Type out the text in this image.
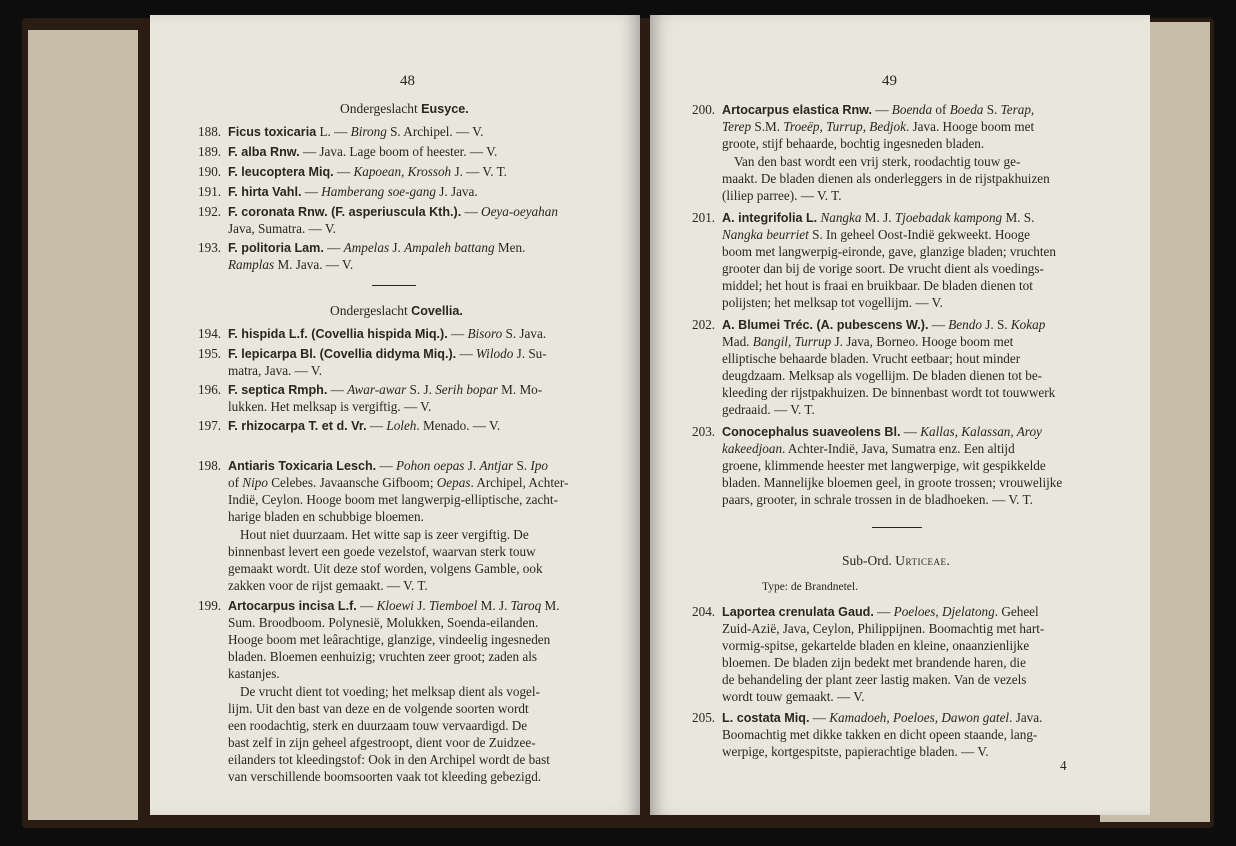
48
Ondergeslacht Eusyce.
188. Ficus toxicaria L. — Birong S. Archipel. — V.
189. F. alba Rnw. — Java. Lage boom of heester. — V.
190. F. leucoptera Miq. — Kapoean, Krossoh J. — V. T.
191. F. hirta Vahl. — Hamberang soe-gang J. Java.
192. F. coronata Rnw. (F. asperiuscula Kth.). — Oeya-oeyahan
Java, Sumatra. — V.
193. F. politoria Lam. — Ampelas J. Ampaleh battang Men.
Ramplas M. Java. — V.
Ondergeslacht Covellia.
194. F. hispida L.f. (Covellia hispida Miq.). — Bisoro S. Java.
195. F. lepicarpa Bl. (Covellia didyma Miq.). — Wilodo J. Su-
matra, Java. — V.
196. F. septica Rmph. — Awar-awar S. J. Serih bopar M. Mo-
lukken. Het melksap is vergiftig. — V.
197. F. rhizocarpa T. et d. Vr. — Loleh. Menado. — V.
198. Antiaris Toxicaria Lesch. — Pohon oepas J. Antjar S. Ipo
of Nipo Celebes. Javaansche Gifboom; Oepas. Archipel, Achter-
Indië, Ceylon. Hooge boom met langwerpig-elliptische, zacht-
harige bladen en schubbige bloemen.
Hout niet duurzaam. Het witte sap is zeer vergiftig. De
binnenbast levert een goede vezelstof, waarvan sterk touw
gemaakt wordt. Uit deze stof worden, volgens Gamble, ook
zakken voor de rijst gemaakt. — V. T.
199. Artocarpus incisa L.f. — Kloewi J. Tiemboel M. J. Taroq M.
Sum. Broodboom. Polynesië, Molukken, Soenda-eilanden.
Hooge boom met leârachtige, glanzige, vindeelig ingesneden
bladen. Bloemen eenhuizig; vruchten zeer groot; zaden als
kastanjes.
De vrucht dient tot voeding; het melksap dient als vogel-
lijm. Uit den bast van deze en de volgende soorten wordt
een roodachtig, sterk en duurzaam touw vervaardigd. De
bast zelf in zijn geheel afgestroopt, dient voor de Zuidzee-
eilanders tot kleedingstof: Ook in den Archipel wordt de bast
van verschillende boomsoorten vaak tot kleeding gebezigd.
49
200. Artocarpus elastica Rnw. — Boenda of Boeda S. Terap,
Terep S.M. Troeëp, Turrup, Bedjok. Java. Hooge boom met
groote, stijf behaarde, bochtig ingesneden bladen.
Van den bast wordt een vrij sterk, roodachtig touw ge-
maakt. De bladen dienen als onderleggers in de rijstpakhuizen
(liliep parree). — V. T.
201. A. integrifolia L. Nangka M. J. Tjoebadak kampong M. S.
Nangka beurriet S. In geheel Oost-Indië gekweekt. Hooge
boom met langwerpig-eironde, gave, glanzige bladen; vruchten
grooter dan bij de vorige soort. De vrucht dient als voedings-
middel; het hout is fraai en bruikbaar. De bladen dienen tot
polijsten; het melksap tot vogellijm. — V.
202. A. Blumei Tréc. (A. pubescens W.). — Bendo J. S. Kokap
Mad. Bangil, Turrup J. Java, Borneo. Hooge boom met
elliptische behaarde bladen. Vrucht eetbaar; hout minder
deugdzaam. Melksap als vogellijm. De bladen dienen tot be-
kleeding der rijstpakhuizen. De binnenbast wordt tot touwwerk
gedraaid. — V. T.
203. Conocephalus suaveolens Bl. — Kallas, Kalassan, Aroy
kakeedjoan. Achter-Indië, Java, Sumatra enz. Een altijd
groene, klimmende heester met langwerpige, wit gespikkelde
bladen. Mannelijke bloemen geel, in groote trossen; vrouwelijke
paars, grooter, in schrale trossen in de bladhoeken. — V. T.
Sub-Ord. Urticeae.
Type: de Brandnetel.
204. Laportea crenulata Gaud. — Poeloes, Djelatong. Geheel
Zuid-Azië, Java, Ceylon, Philippijnen. Boomachtig met hart-
vormig-spitse, gekartelde bladen en kleine, onaanzienlijke
bloemen. De bladen zijn bedekt met brandende haren, die
de behandeling der plant zeer lastig maken. Van de vezels
wordt touw gemaakt. — V.
205. L. costata Miq. — Kamadoeh, Poeloes, Dawon gatel. Java.
Boomachtig met dikke takken en dicht opeen staande, lang-
werpige, kortgespitste, papierachtige bladen. — V.
4
